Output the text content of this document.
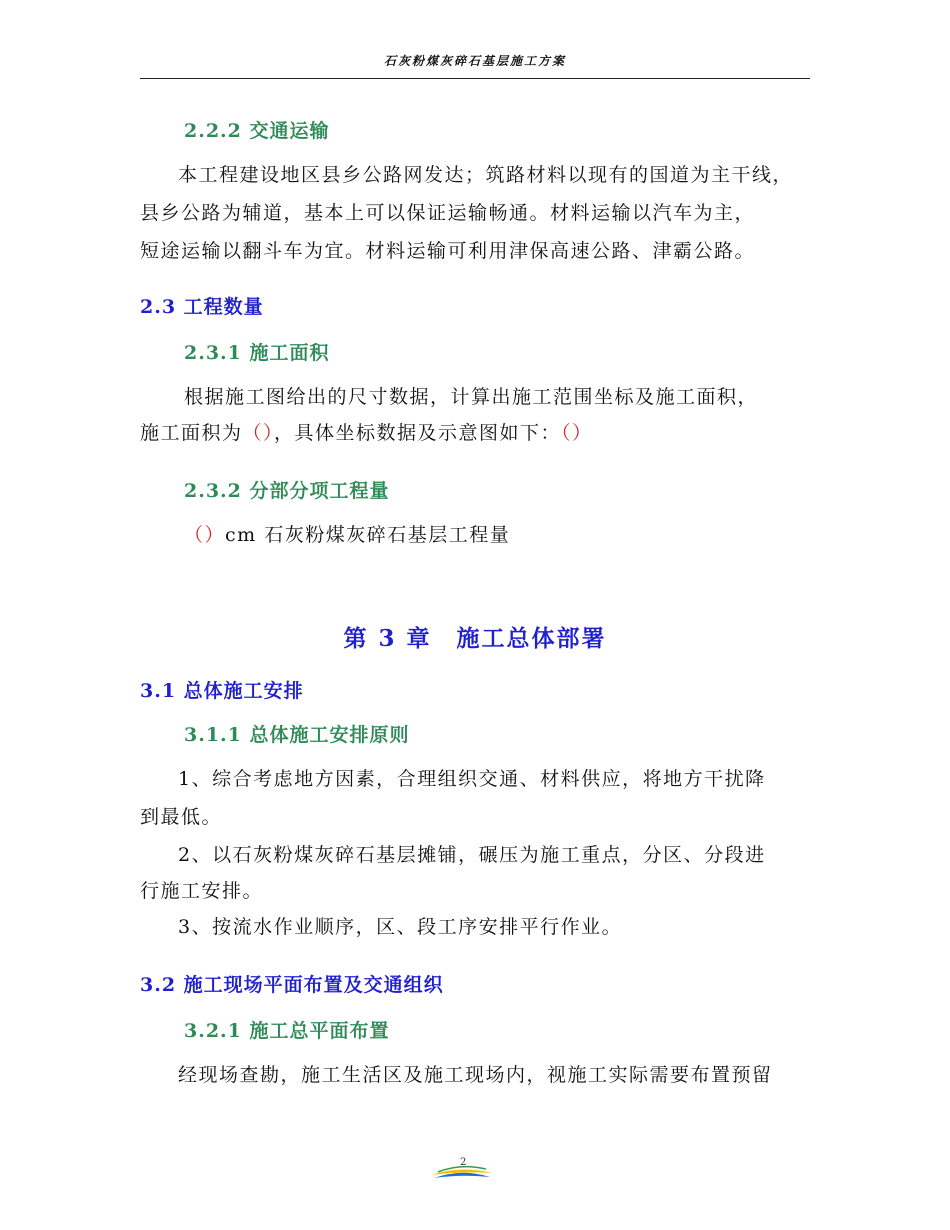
石灰粉煤灰碎石基层施工方案
2.2.2 交通运输
本工程建设地区县乡公路网发达；筑路材料以现有的国道为主干线，
县乡公路为辅道，基本上可以保证运输畅通。材料运输以汽车为主，
短途运输以翻斗车为宜。材料运输可利用津保高速公路、津霸公路。
2.3 工程数量
2.3.1 施工面积
根据施工图给出的尺寸数据，计算出施工范围坐标及施工面积，
施工面积为（），具体坐标数据及示意图如下：（）
2.3.2 分部分项工程量
（）cm 石灰粉煤灰碎石基层工程量
第 3 章　施工总体部署
3.1 总体施工安排
3.1.1 总体施工安排原则
1、综合考虑地方因素，合理组织交通、材料供应，将地方干扰降
到最低。
2、以石灰粉煤灰碎石基层摊铺，碾压为施工重点，分区、分段进
行施工安排。
3、按流水作业顺序，区、段工序安排平行作业。
3.2 施工现场平面布置及交通组织
3.2.1 施工总平面布置
经现场查勘，施工生活区及施工现场内，视施工实际需要布置预留
2
